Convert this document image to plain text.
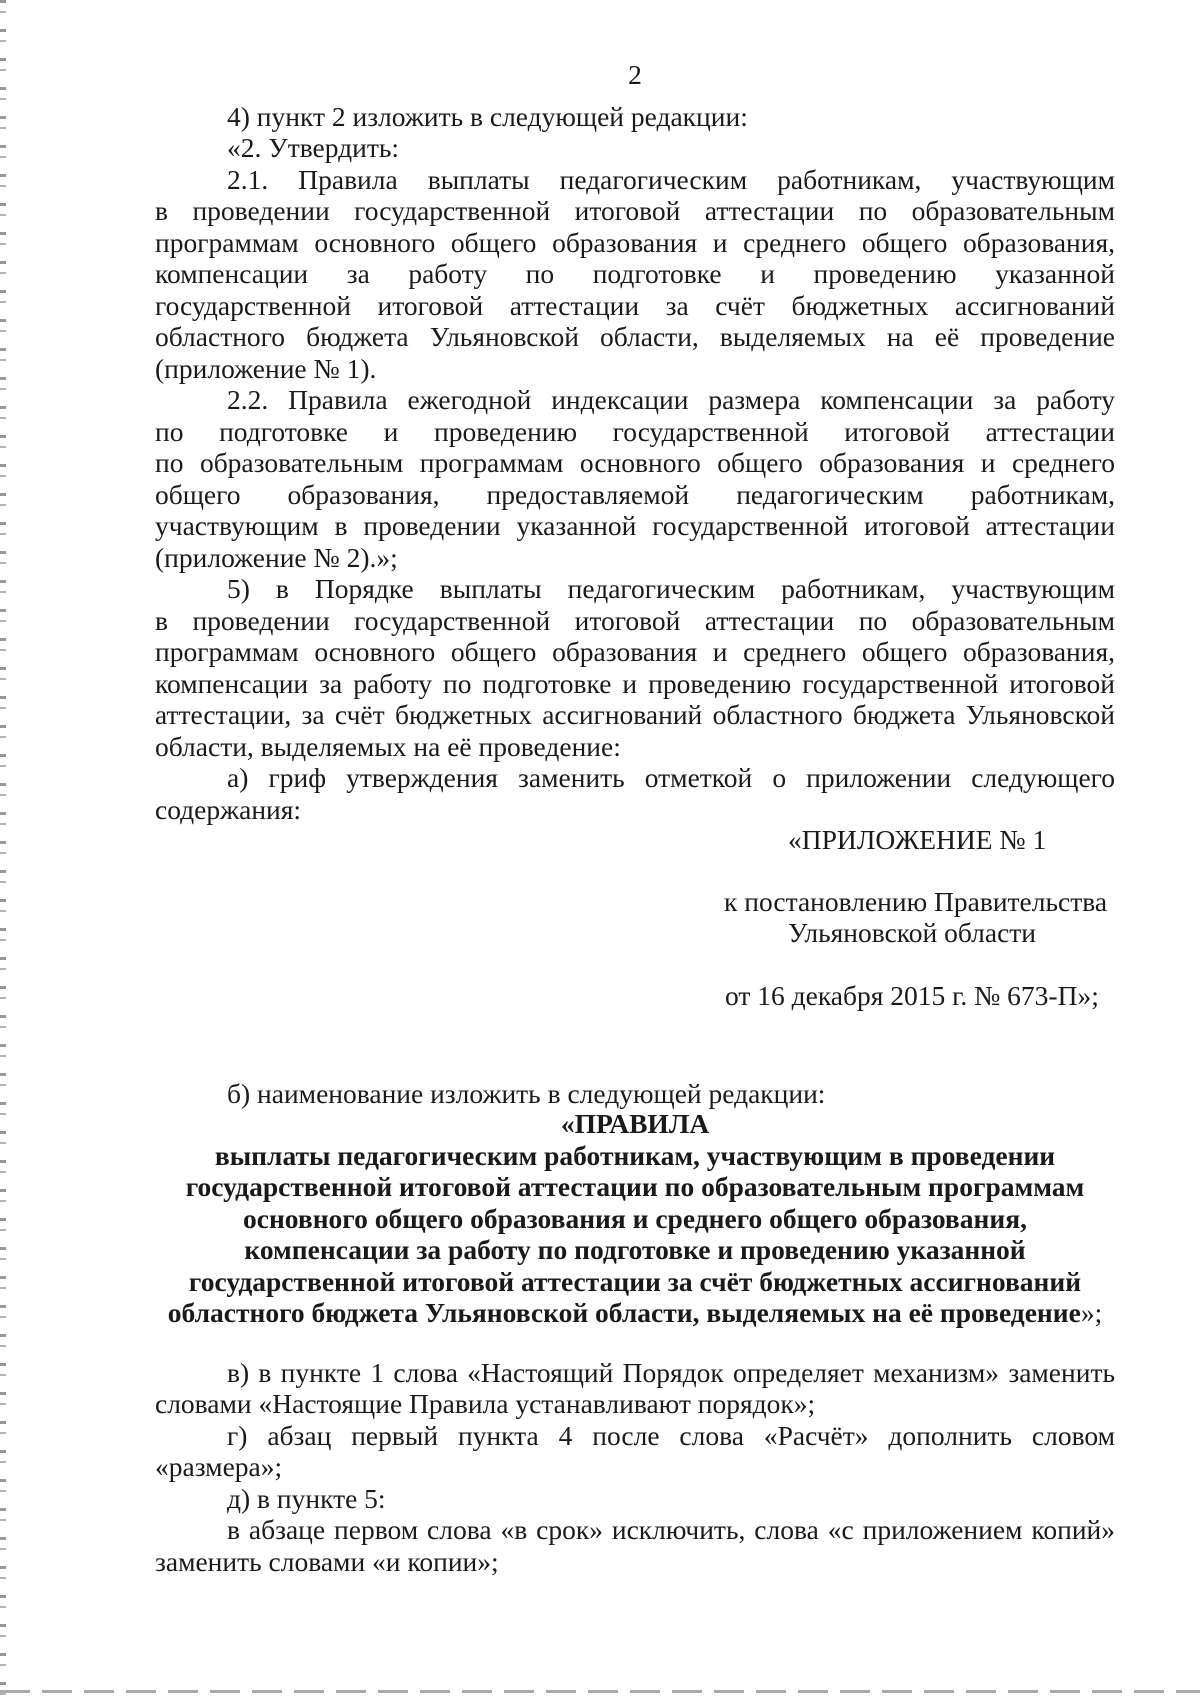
2
4) пункт 2 изложить в следующей редакции:
«2. Утвердить:
2.1. Правила выплаты педагогическим работникам, участвующим
в проведении государственной итоговой аттестации по образовательным
программам основного общего образования и среднего общего образования,
компенсации за работу по подготовке и проведению указанной
государственной итоговой аттестации за счёт бюджетных ассигнований
областного бюджета Ульяновской области, выделяемых на её проведение
(приложение № 1).
2.2. Правила ежегодной индексации размера компенсации за работу
по подготовке и проведению государственной итоговой аттестации
по образовательным программам основного общего образования и среднего
общего образования, предоставляемой педагогическим работникам,
участвующим в проведении указанной государственной итоговой аттестации
(приложение № 2).»;
5) в Порядке выплаты педагогическим работникам, участвующим
в проведении государственной итоговой аттестации по образовательным
программам основного общего образования и среднего общего образования,
компенсации за работу по подготовке и проведению государственной итоговой
аттестации, за счёт бюджетных ассигнований областного бюджета Ульяновской
области, выделяемых на её проведение:
а) гриф утверждения заменить отметкой о приложении следующего
содержания:
«ПРИЛОЖЕНИЕ № 1
к постановлению Правительства
Ульяновской области
от 16 декабря 2015 г. № 673-П»;
б) наименование изложить в следующей редакции:
«ПРАВИЛА
выплаты педагогическим работникам, участвующим в проведении
государственной итоговой аттестации по образовательным программам
основного общего образования и среднего общего образования,
компенсации за работу по подготовке и проведению указанной
государственной итоговой аттестации за счёт бюджетных ассигнований
областного бюджета Ульяновской области, выделяемых на её проведение»;
в) в пункте 1 слова «Настоящий Порядок определяет механизм» заменить
словами «Настоящие Правила устанавливают порядок»;
г) абзац первый пункта 4 после слова «Расчёт» дополнить словом
«размера»;
д) в пункте 5:
в абзаце первом слова «в срок» исключить, слова «с приложением копий»
заменить словами «и копии»;
